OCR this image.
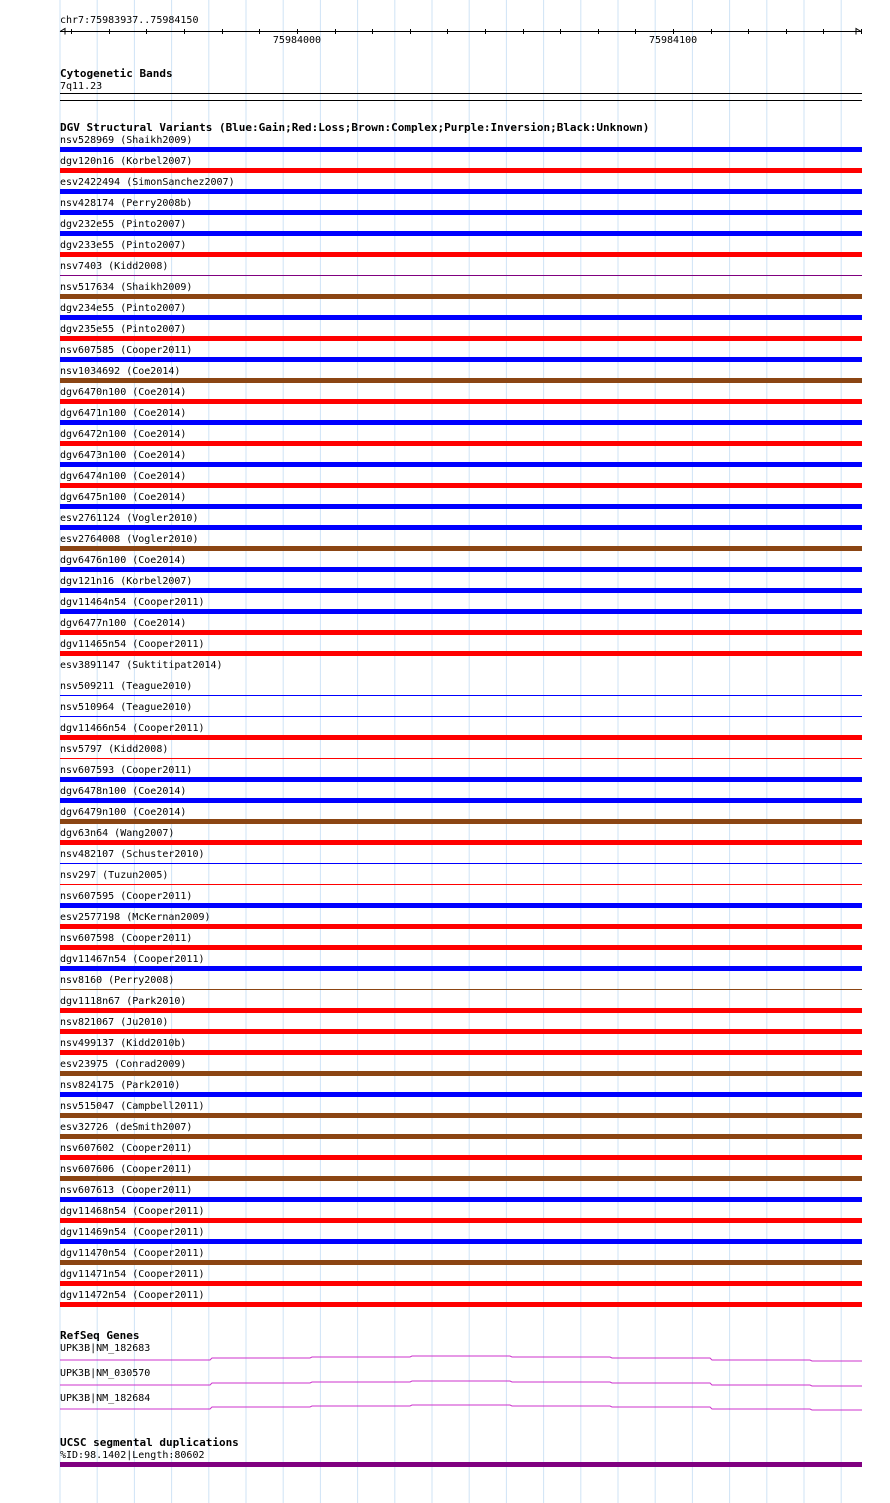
chr7:75983937..75984150
75984000	75984100
Cytogenetic Bands
7q11.23
DGV Structural Variants (Blue:Gain;Red:Loss;Brown:Complex;Purple:Inversion;Black:Unknown)
nsv528969 (Shaikh2009)
dgv120n16 (Korbel2007)
esv2422494 (SimonSanchez2007)
nsv428174 (Perry2008b)
dgv232e55 (Pinto2007)
dgv233e55 (Pinto2007)
nsv7403 (Kidd2008)
nsv517634 (Shaikh2009)
dgv234e55 (Pinto2007)
dgv235e55 (Pinto2007)
nsv607585 (Cooper2011)
nsv1034692 (Coe2014)
dgv6470n100 (Coe2014)
dgv6471n100 (Coe2014)
dgv6472n100 (Coe2014)
dgv6473n100 (Coe2014)
dgv6474n100 (Coe2014)
dgv6475n100 (Coe2014)
esv2761124 (Vogler2010)
esv2764008 (Vogler2010)
dgv6476n100 (Coe2014)
dgv121n16 (Korbel2007)
dgv11464n54 (Cooper2011)
dgv6477n100 (Coe2014)
dgv11465n54 (Cooper2011)
esv3891147 (Suktitipat2014)
nsv509211 (Teague2010)
nsv510964 (Teague2010)
dgv11466n54 (Cooper2011)
nsv5797 (Kidd2008)
nsv607593 (Cooper2011)
dgv6478n100 (Coe2014)
dgv6479n100 (Coe2014)
dgv63n64 (Wang2007)
nsv482107 (Schuster2010)
nsv297 (Tuzun2005)
nsv607595 (Cooper2011)
esv2577198 (McKernan2009)
nsv607598 (Cooper2011)
dgv11467n54 (Cooper2011)
nsv8160 (Perry2008)
dgv1118n67 (Park2010)
nsv821067 (Ju2010)
nsv499137 (Kidd2010b)
esv23975 (Conrad2009)
nsv824175 (Park2010)
nsv515047 (Campbell2011)
esv32726 (deSmith2007)
nsv607602 (Cooper2011)
nsv607606 (Cooper2011)
nsv607613 (Cooper2011)
dgv11468n54 (Cooper2011)
dgv11469n54 (Cooper2011)
dgv11470n54 (Cooper2011)
dgv11471n54 (Cooper2011)
dgv11472n54 (Cooper2011)
RefSeq Genes
UPK3B|NM_182683
UPK3B|NM_030570
UPK3B|NM_182684
UCSC segmental duplications
%ID:98.1402|Length:80602
